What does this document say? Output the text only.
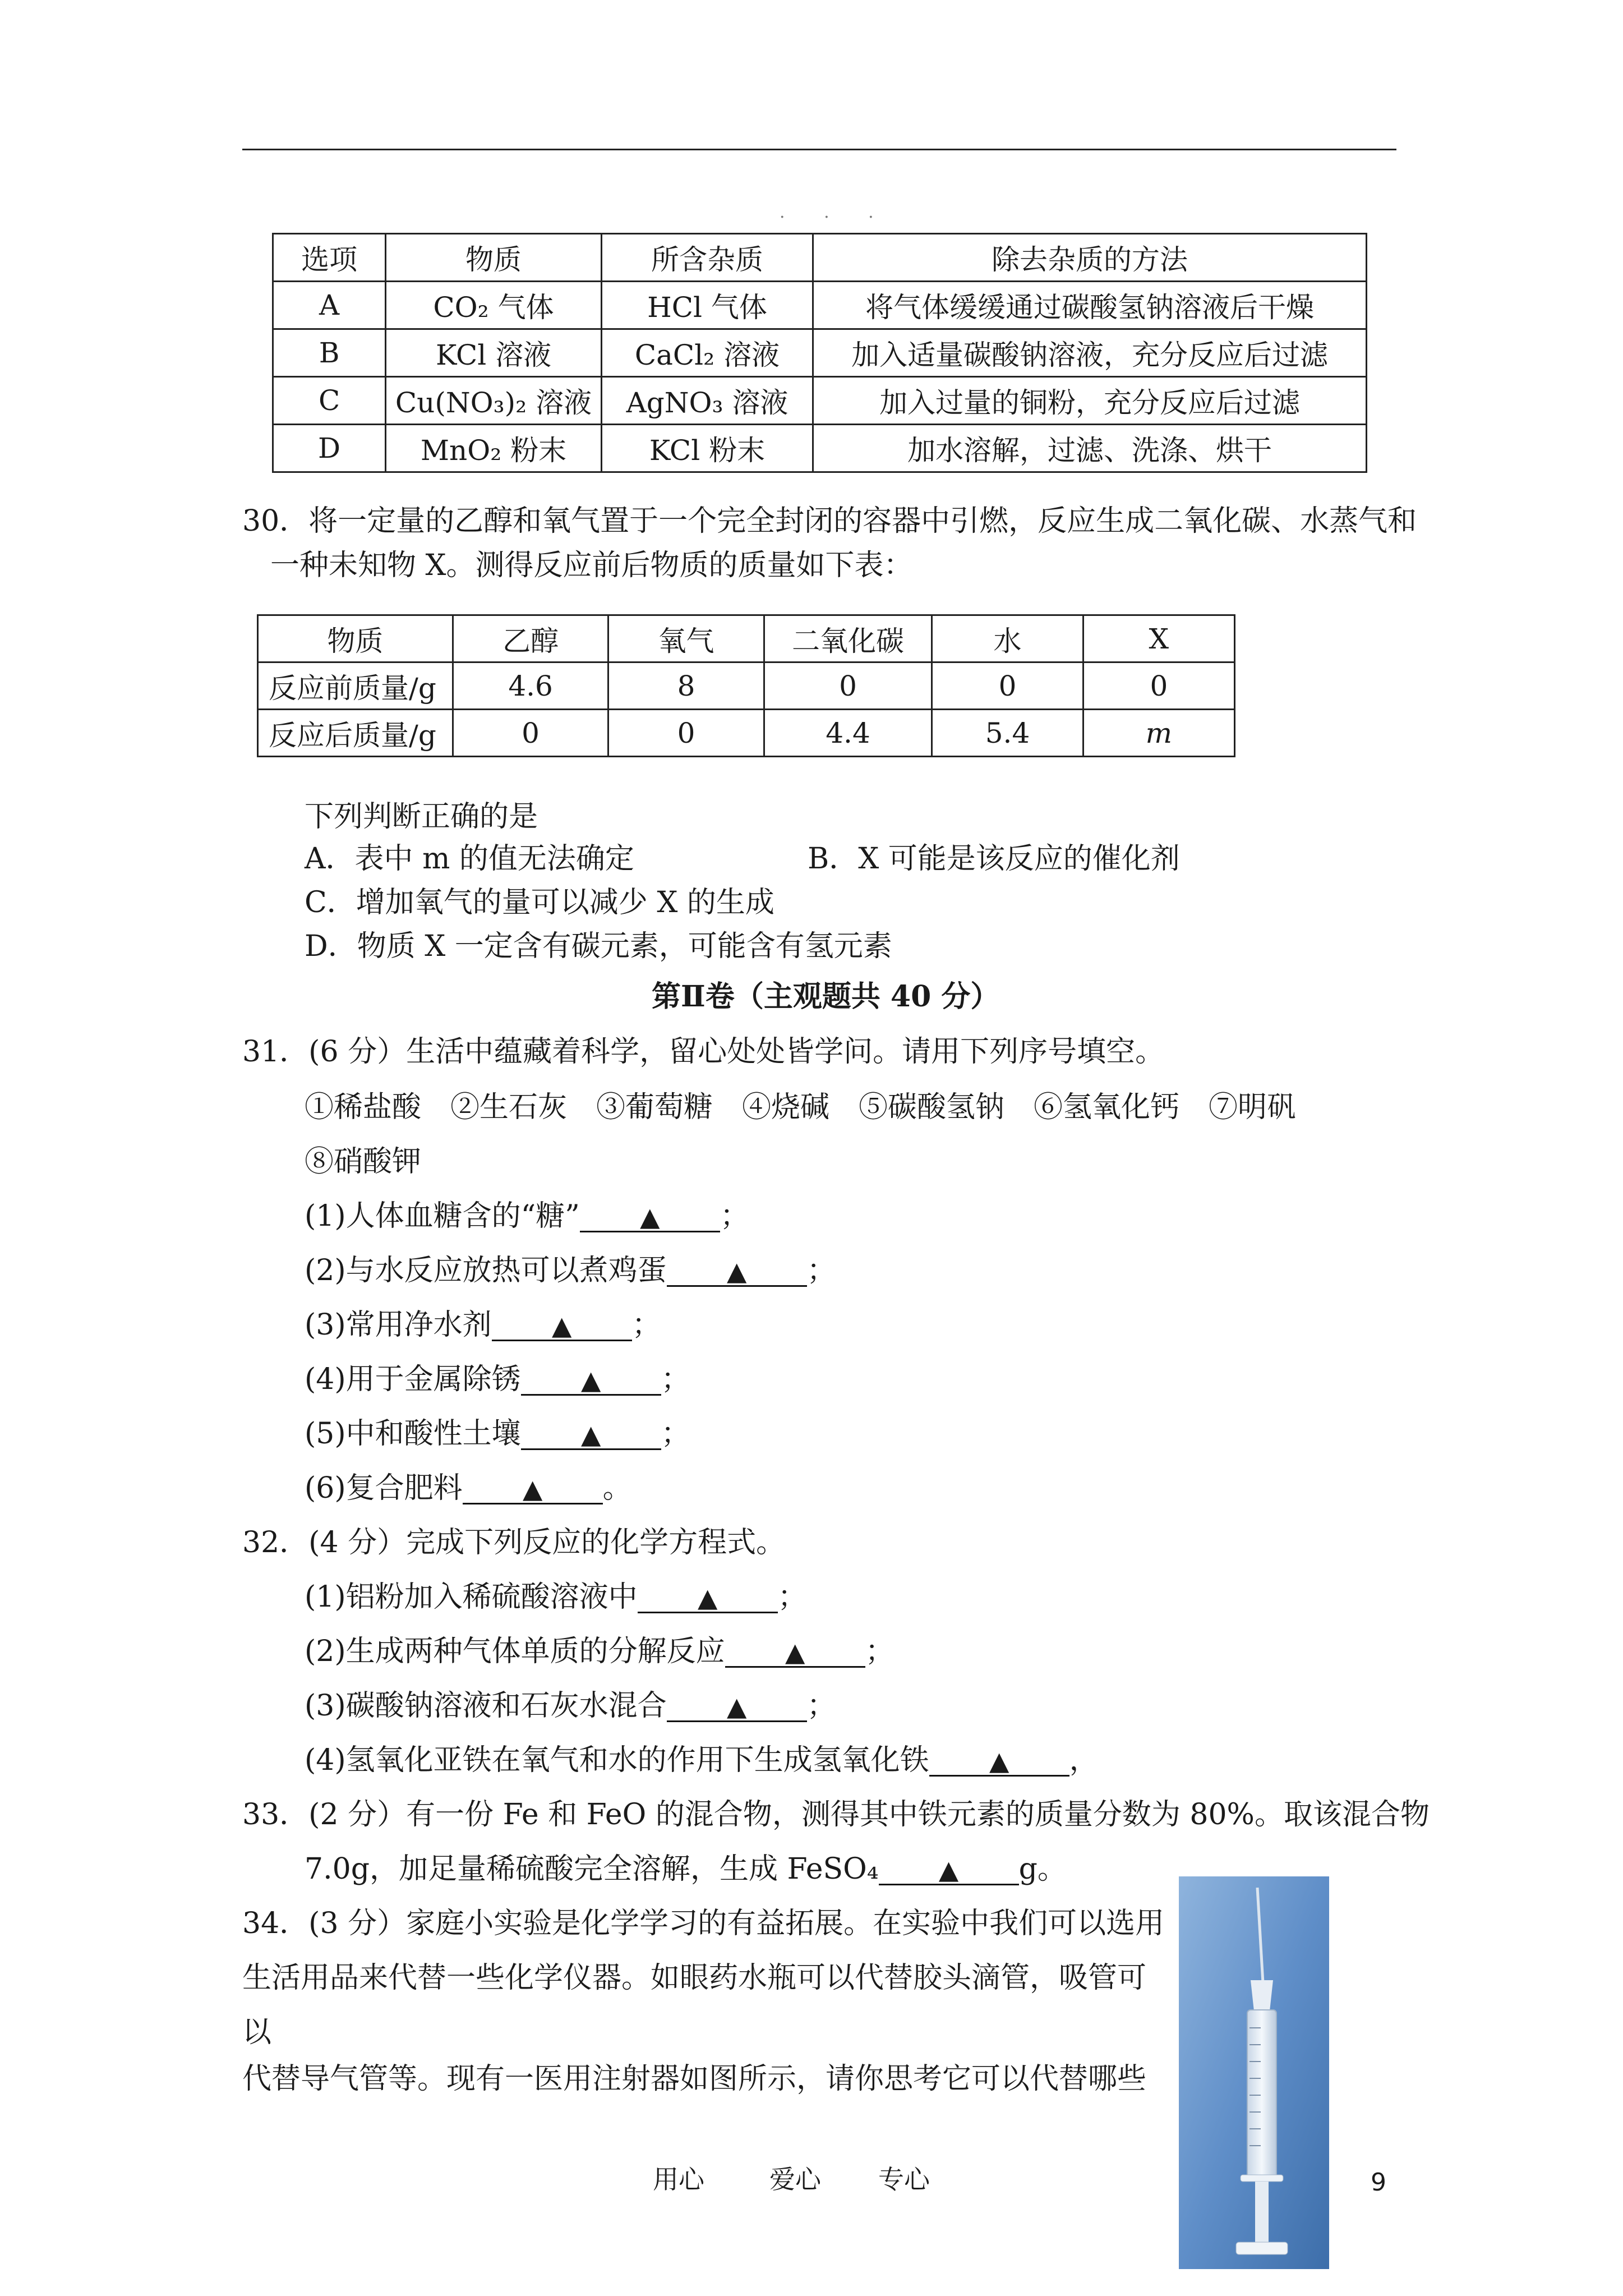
· · ·
选项	物质	所含杂质	除去杂质的方法
A	CO₂ 气体	HCl 气体	将气体缓缓通过碳酸氢钠溶液后干燥
B	KCl 溶液	CaCl₂ 溶液	加入适量碳酸钠溶液，充分反应后过滤
C	Cu(NO₃)₂ 溶液	AgNO₃ 溶液	加入过量的铜粉，充分反应后过滤
D	MnO₂ 粉末	KCl 粉末	加水溶解，过滤、洗涤、烘干
30．将一定量的乙醇和氧气置于一个完全封闭的容器中引燃，反应生成二氧化碳、水蒸气和
一种未知物 X。测得反应前后物质的质量如下表：
物质	乙醇	氧气	二氧化碳	水	X
反应前质量/g	4.6	8	0	0	0
反应后质量/g	0	0	4.4	5.4	m
下列判断正确的是
A．表中 m 的值无法确定	B．X 可能是该反应的催化剂
C．增加氧气的量可以减少 X 的生成
D．物质 X 一定含有碳元素，可能含有氢元素
第Ⅱ卷（主观题共 40 分）
31．(6 分）生活中蕴藏着科学，留心处处皆学问。请用下列序号填空。
①稀盐酸　②生石灰　③葡萄糖　④烧碱　⑤碳酸氢钠　⑥氢氧化钙　⑦明矾
⑧硝酸钾
(1)人体血糖含的“糖” ▲ ；
(2)与水反应放热可以煮鸡蛋 ▲ ；
(3)常用净水剂 ▲ ；
(4)用于金属除锈 ▲ ；
(5)中和酸性土壤 ▲ ；
(6)复合肥料 ▲ 。
32．(4 分）完成下列反应的化学方程式。
(1)铝粉加入稀硫酸溶液中 ▲ ；
(2)生成两种气体单质的分解反应 ▲ ；
(3)碳酸钠溶液和石灰水混合 ▲ ；
(4)氢氧化亚铁在氧气和水的作用下生成氢氧化铁 ▲ ，
33．(2 分）有一份 Fe 和 FeO 的混合物，测得其中铁元素的质量分数为 80%。取该混合物
7.0g，加足量稀硫酸完全溶解，生成 FeSO₄ ▲ g。
34．(3 分）家庭小实验是化学学习的有益拓展。在实验中我们可以选用
生活用品来代替一些化学仪器。如眼药水瓶可以代替胶头滴管，吸管可
以
代替导气管等。现有一医用注射器如图所示，请你思考它可以代替哪些
用心	爱心 专心	9
